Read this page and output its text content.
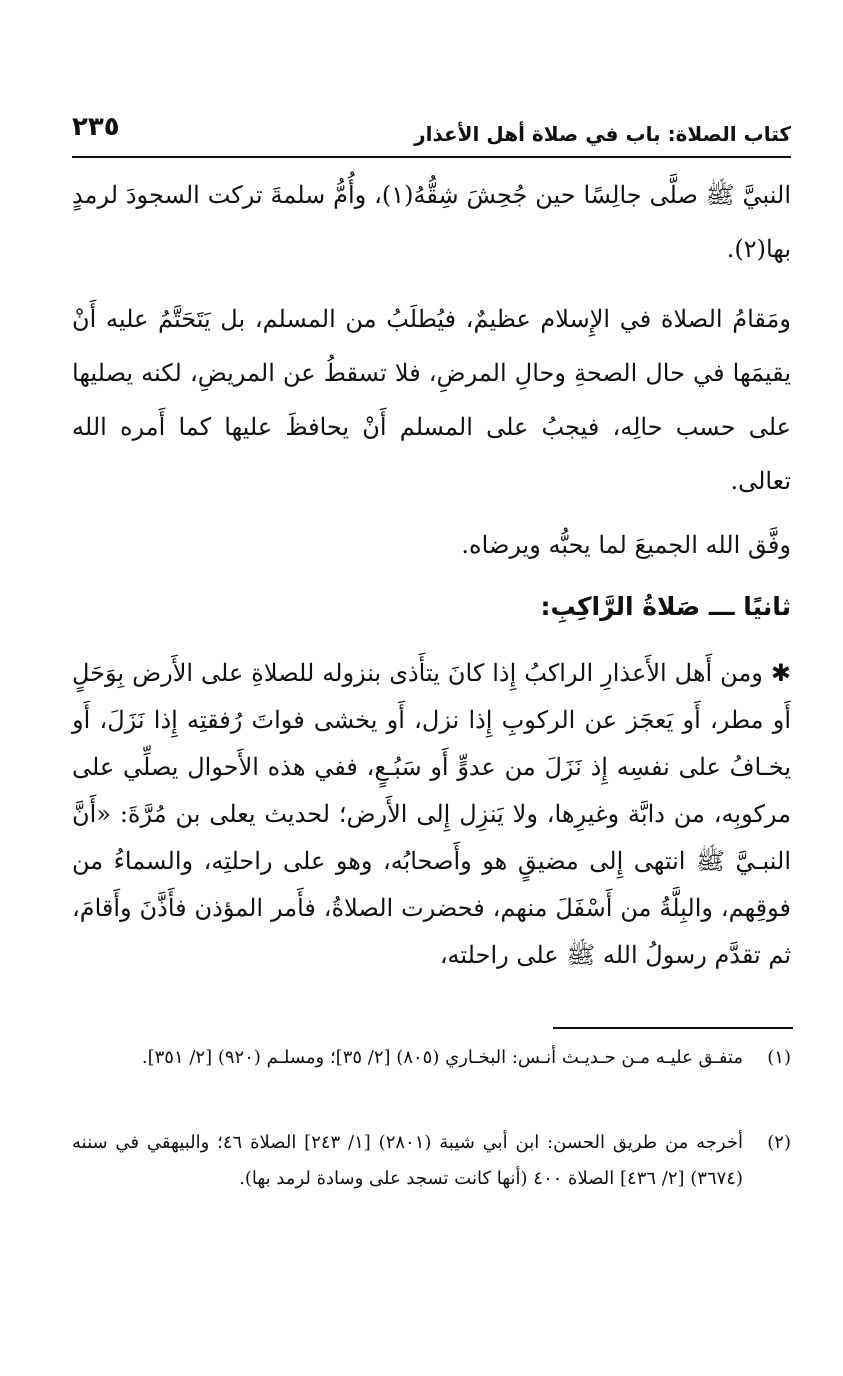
كتاب الصلاة: باب في صلاة أهل الأعذار
٢٣٥
النبيَّ ﷺ صلَّى جالِسًا حين جُحِشَ شِقُّهُ(١)، وأُمُّ سلمةَ تركت السجودَ لرمدٍ بها(٢).
ومَقامُ الصلاة في الإِسلام عظيمٌ، فيُطلَبُ من المسلم، بل يَتَحَتَّمُ عليه أَنْ يقيمَها في حال الصحةِ وحالِ المرضِ، فلا تسقطُ عن المريضِ، لكنه يصليها على حسب حالِه، فيجبُ على المسلم أَنْ يحافظَ عليها كما أَمره الله تعالى.
وفَّق الله الجميعَ لما يحبُّه ويرضاه.
ثانيًا ـــ صَلاةُ الرَّاكِبِ:
✱ ومن أَهل الأَعذارِ الراكبُ إِذا كانَ يتأَذى بنزوله للصلاةِ على الأَرض بِوَحَلٍ أَو مطر، أَو يَعجَز عن الركوبِ إِذا نزل، أَو يخشى فواتَ رُفقتِه إِذا نَزَلَ، أَو يخـافُ على نفسِه إِذ نَزَلَ من عدوٍّ أَو سَبُـعٍ، ففي هذه الأَحوال يصلِّي على مركوبِه، من دابَّة وغيرِها، ولا يَنزِل إِلى الأَرض؛ لحديث يعلى بن مُرَّةَ: «أَنَّ النبـيَّ ﷺ انتهى إِلى مضيقٍ هو وأَصحابُه، وهو على راحلتِه، والسماءُ من فوقِهم، والبِلَّةُ من أَسْفَلَ منهم، فحضرت الصلاةُ، فأَمر المؤذن فأَذَّنَ وأَقامَ، ثم تقدَّم رسولُ الله ﷺ على راحلته،
(١)
متفـق عليـه مـن حـديـث أنـس: البخـاري (٨٠٥) [٢/ ٣٥]؛ ومسلـم (٩٢٠) [٢/ ٣٥١].
(٢)
أخرجه من طريق الحسن: ابن أبي شيبة (٢٨٠١) [١/ ٢٤٣] الصلاة ٤٦؛ والبيهقي في سننه (٣٦٧٤) [٢/ ٤٣٦] الصلاة ٤٠٠ (أنها كانت تسجد على وسادة لرمد بها).
